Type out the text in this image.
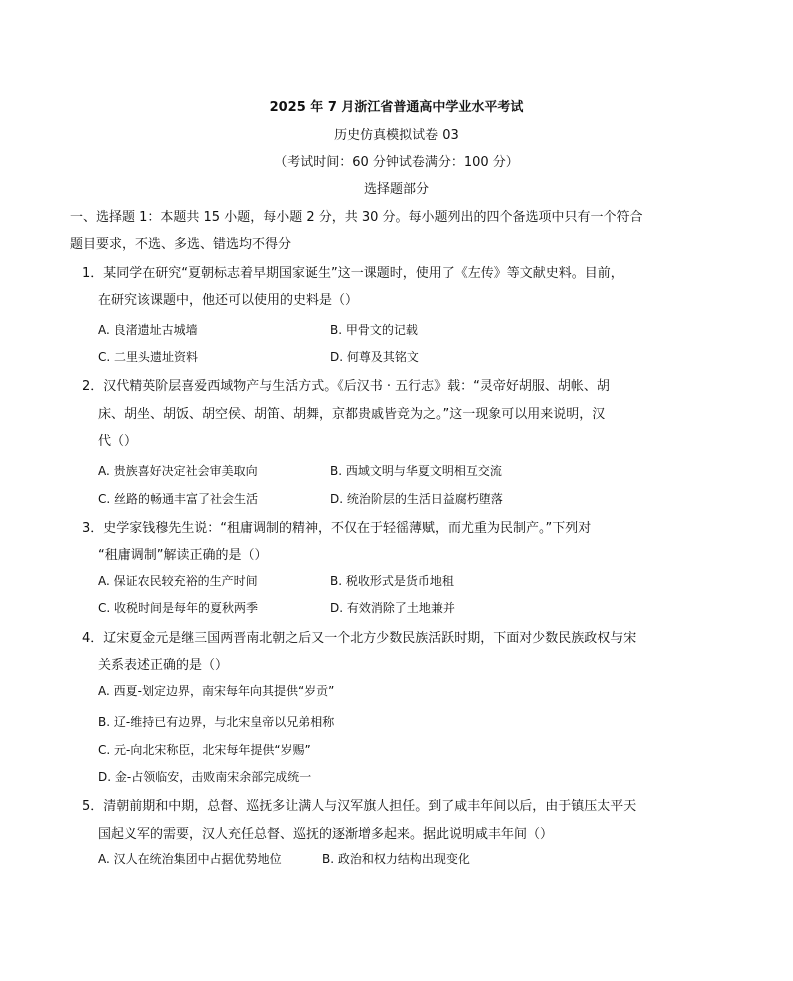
2025 年 7 月浙江省普通高中学业水平考试
历史仿真模拟试卷 03
（考试时间：60 分钟试卷满分：100 分）
选择题部分
一、选择题 1：本题共 15 小题，每小题 2 分，共 30 分。每小题列出的四个备选项中只有一个符合
题目要求，不选、多选、错选均不得分
1．某同学在研究“夏朝标志着早期国家诞生”这一课题时，使用了《左传》等文献史料。目前，
在研究该课题中，他还可以使用的史料是（）
A. 良渚遗址古城墙	B. 甲骨文的记载
C. 二里头遗址资料	D. 何尊及其铭文
2．汉代精英阶层喜爱西域物产与生活方式。《后汉书 · 五行志》载：“灵帝好胡服、胡帐、胡
床、胡坐、胡饭、胡空侯、胡笛、胡舞，京都贵戚皆竞为之。”这一现象可以用来说明，汉
代（）
A. 贵族喜好决定社会审美取向	B. 西域文明与华夏文明相互交流
C. 丝路的畅通丰富了社会生活	D. 统治阶层的生活日益腐朽堕落
3．史学家钱穆先生说：“租庸调制的精神，不仅在于轻徭薄赋，而尤重为民制产。”下列对
“租庸调制”解读正确的是（）
A. 保证农民较充裕的生产时间	B. 税收形式是货币地租
C. 收税时间是每年的夏秋两季	D. 有效消除了土地兼并
4．辽宋夏金元是继三国两晋南北朝之后又一个北方少数民族活跃时期，下面对少数民族政权与宋
关系表述正确的是（）
A. 西夏-划定边界，南宋每年向其提供“岁贡”
B. 辽-维持已有边界，与北宋皇帝以兄弟相称
C. 元-向北宋称臣，北宋每年提供“岁赐”
D. 金-占领临安，击败南宋余部完成统一
5．清朝前期和中期，总督、巡抚多让满人与汉军旗人担任。到了咸丰年间以后，由于镇压太平天
国起义军的需要，汉人充任总督、巡抚的逐渐增多起来。据此说明咸丰年间（）
A. 汉人在统治集团中占据优势地位	B. 政治和权力结构出现变化
